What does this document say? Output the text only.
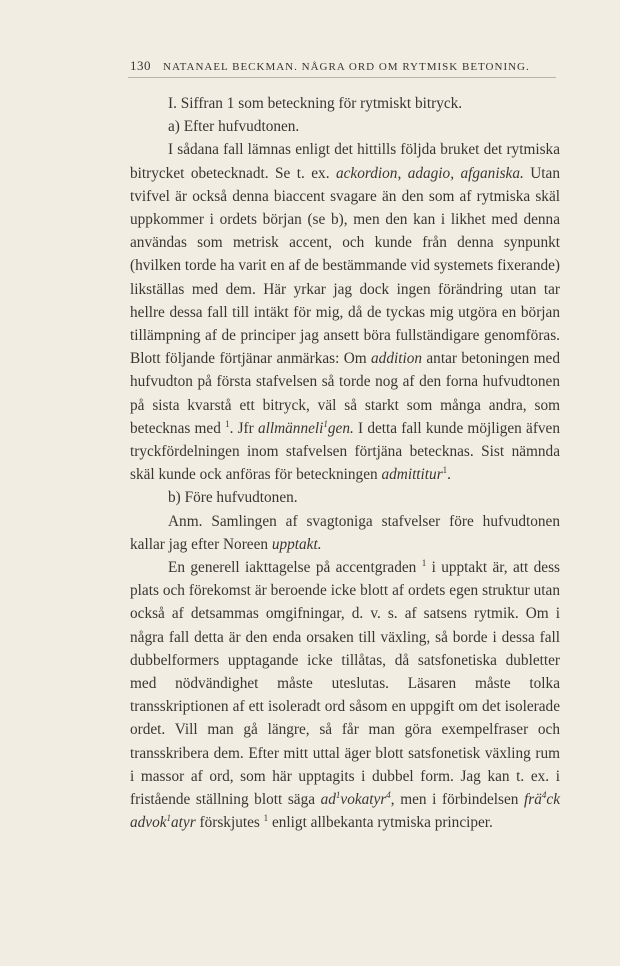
130 NATANAEL BECKMAN. NÅGRA ORD OM RYTMISK BETONING.

I. Siffran 1 som beteckning för rytmiskt bitryck.

a) Efter hufvudtonen.

I sådana fall lämnas enligt det hittills följda bruket det rytmiska bitrycket obetecknadt. Se t. ex. ackordion, adagio, afganiska. Utan tvifvel är också denna biaccent svagare än den som af rytmiska skäl uppkommer i ordets början (se b), men den kan i likhet med denna användas som metrisk accent, och kunde från denna synpunkt (hvilken torde ha varit en af de bestämmande vid systemets fixerande) likställas med dem. Här yrkar jag dock ingen förändring utan tar hellre dessa fall till intäkt för mig, då de tyckas mig utgöra en början tillämpning af de principer jag ansett böra fullständigare genomföras. Blott följande förtjänar anmärkas: Om addition antar betoningen med hufvudton på första stafvelsen så torde nog af den forna hufvudtonen på sista kvarstå ett bitryck, väl så starkt som många andra, som betecknas med $^1$. Jfr allmänneli$^1$gen. I detta fall kunde möjligen äfven tryckfördelningen inom stafvelsen förtjäna betecknas. Sist nämnda skäl kunde ock anföras för beteckningen admittitur$^1$.

b) Före hufvudtonen.

Anm. Samlingen af svagtoniga stafvelser före hufvudtonen kallar jag efter Noreen upptakt.

En generell iakttagelse på accentgraden $^1$ i upptakt är, att dess plats och förekomst är beroende icke blott af ordets egen struktur utan också af detsammas omgifningar, d. v. s. af satsens rytmik. Om i några fall detta är den enda orsaken till växling, så borde i dessa fall dubbelformers upptagande icke tillåtas, då satsfonetiska dubletter med nödvändighet måste uteslutas. Läsaren måste tolka transskriptionen af ett isoleradt ord såsom en uppgift om det isolerade ordet. Vill man gå längre, så får man göra exempelfraser och transskribera dem. Efter mitt uttal äger blott satsfonetisk växling rum i massor af ord, som här upptagits i dubbel form. Jag kan t. ex. i fristående ställning blott säga $ad^1vokatyr^4$, men i förbindelsen frä$^4$ck advok$^1$atyr förskjutes $^1$ enligt allbekanta rytmiska principer.
